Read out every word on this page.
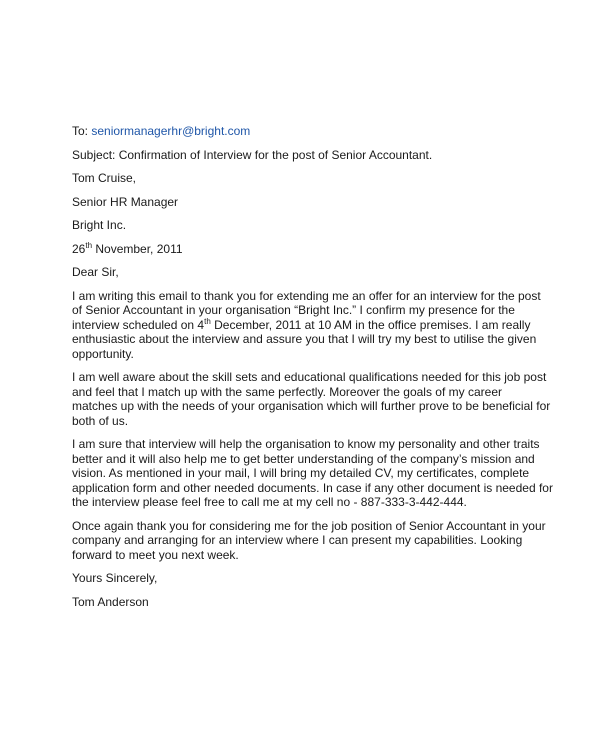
To: seniormanagerhr@bright.com

Subject: Confirmation of Interview for the post of Senior Accountant.

Tom Cruise,

Senior HR Manager

Bright Inc.

26th November, 2011

Dear Sir,

I am writing this email to thank you for extending me an offer for an interview for the post

of Senior Accountant in your organisation “Bright Inc.” I confirm my presence for the

interview scheduled on 4th December, 2011 at 10 AM in the office premises. I am really

enthusiastic about the interview and assure you that I will try my best to utilise the given

opportunity.

I am well aware about the skill sets and educational qualifications needed for this job post

and feel that I match up with the same perfectly. Moreover the goals of my career

matches up with the needs of your organisation which will further prove to be beneficial for

both of us.

I am sure that interview will help the organisation to know my personality and other traits

better and it will also help me to get better understanding of the company’s mission and

vision. As mentioned in your mail, I will bring my detailed CV, my certificates, complete

application form and other needed documents. In case if any other document is needed for

the interview please feel free to call me at my cell no - 887-333-3-442-444.

Once again thank you for considering me for the job position of Senior Accountant in your

company and arranging for an interview where I can present my capabilities. Looking

forward to meet you next week.

Yours Sincerely,

Tom Anderson
